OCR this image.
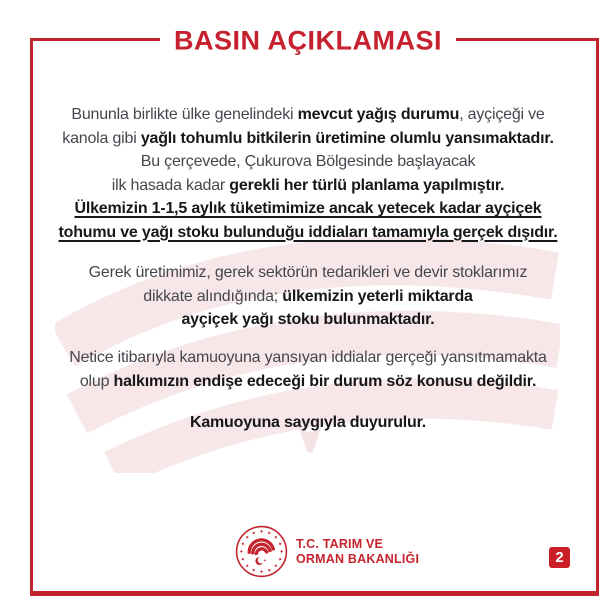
BASIN AÇIKLAMASI
Bununla birlikte ülke genelindeki mevcut yağış durumu, ayçiçeği ve
kanola gibi yağlı tohumlu bitkilerin üretimine olumlu yansımaktadır.
Bu çerçevede, Çukurova Bölgesinde başlayacak
ilk hasada kadar gerekli her türlü planlama yapılmıştır.
Ülkemizin 1-1,5 aylık tüketimimize ancak yetecek kadar ayçiçek
tohumu ve yağı stoku bulunduğu iddiaları tamamıyla gerçek dışıdır.
Gerek üretimimiz, gerek sektörün tedarikleri ve devir stoklarımız
dikkate alındığında; ülkemizin yeterli miktarda
ayçiçek yağı stoku bulunmaktadır.
Netice itibarıyla kamuoyuna yansıyan iddialar gerçeği yansıtmamakta
olup halkımızın endişe edeceği bir durum söz konusu değildir.
Kamuoyuna saygıyla duyurulur.
T.C. TARIM VE
ORMAN BAKANLIĞI	2
